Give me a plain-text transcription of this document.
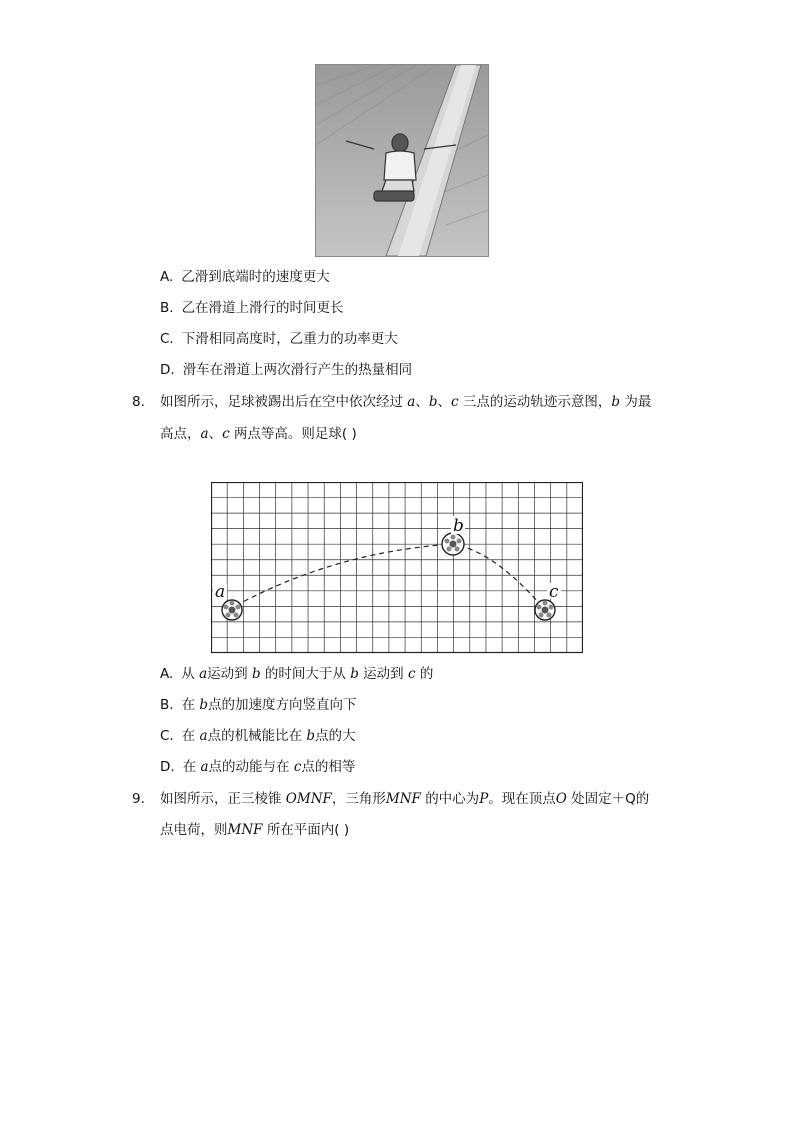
A. 乙滑到底端时的速度更大
B. 乙在滑道上滑行的时间更长
C. 下滑相同高度时，乙重力的功率更大
D. 滑车在滑道上两次滑行产生的热量相同
8. 如图所示，足球被踢出后在空中依次经过 a、b、c 三点的运动轨迹示意图，b 为最
高点，a、c 两点等高。则足球( )
a
b
c
A. 从 a运动到 b 的时间大于从 b 运动到 c 的
B. 在 b点的加速度方向竖直向下
C. 在 a点的机械能比在 b点的大
D. 在 a点的动能与在 c点的相等
9. 如图所示，正三棱锥 OMNF，三角形MNF 的中心为P。现在顶点O 处固定＋Q的
点电荷，则MNF 所在平面内( )
